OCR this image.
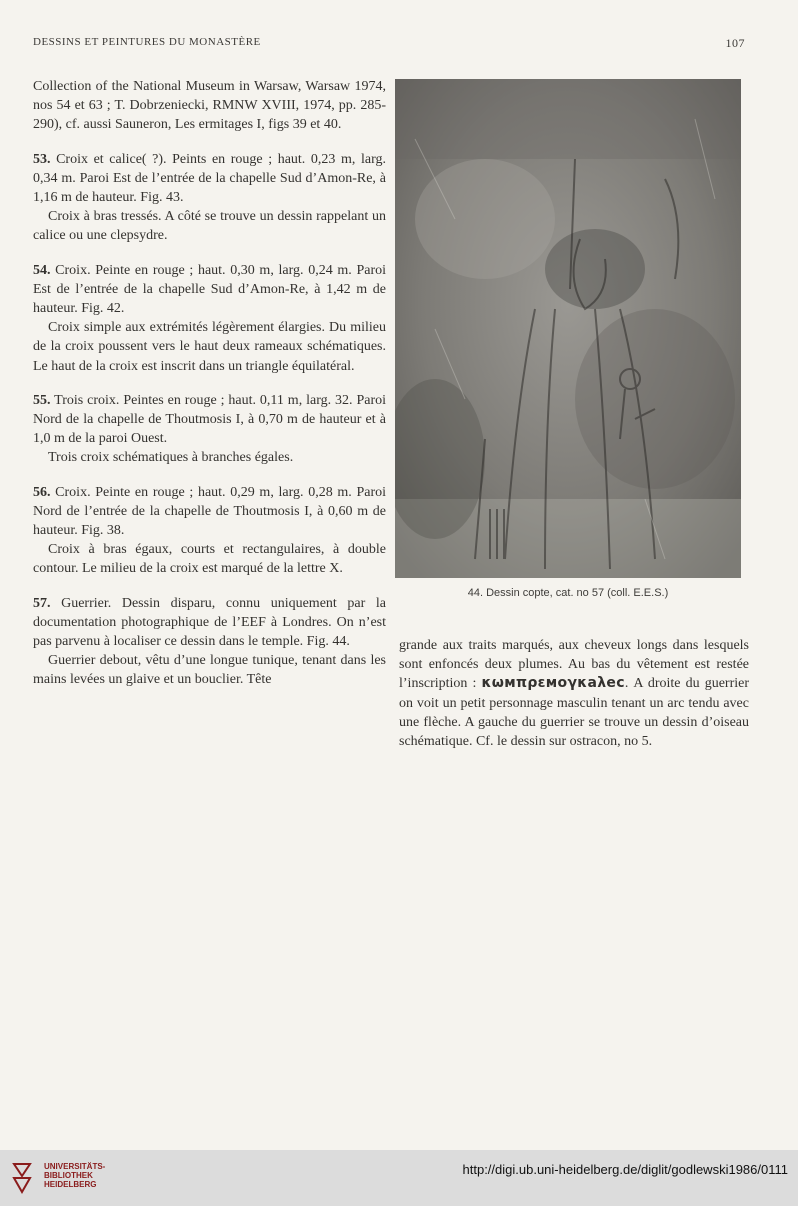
DESSINS ET PEINTURES DU MONASTÈRE	107

Collection of the National Museum in Warsaw, Warsaw 1974, nos 54 et 63 ; T. Dobrzeniecki, RMNW XVIII, 1974, pp. 285-290), cf. aussi Sauneron, Les ermitages I, figs 39 et 40.

53. Croix et calice( ?). Peints en rouge ; haut. 0,23 m, larg. 0,34 m. Paroi Est de l’entrée de la chapelle Sud d’Amon-Re, à 1,16 m de hauteur. Fig. 43.

Croix à bras tressés. A côté se trouve un dessin rappelant un calice ou une clepsydre.

54. Croix. Peinte en rouge ; haut. 0,30 m, larg. 0,24 m. Paroi Est de l’entrée de la chapelle Sud d’Amon-Re, à 1,42 m de hauteur. Fig. 42.

Croix simple aux extrémités légèrement élargies. Du milieu de la croix poussent vers le haut deux rameaux schématiques. Le haut de la croix est inscrit dans un triangle équilatéral.

55. Trois croix. Peintes en rouge ; haut. 0,11 m, larg. 32. Paroi Nord de la chapelle de Thoutmosis I, à 0,70 m de hauteur et à 1,0 m de la paroi Ouest.

Trois croix schématiques à branches égales.

56. Croix. Peinte en rouge ; haut. 0,29 m, larg. 0,28 m. Paroi Nord de l’entrée de la chapelle de Thoutmosis I, à 0,60 m de hauteur. Fig. 38.

Croix à bras égaux, courts et rectangulaires, à double contour. Le milieu de la croix est marqué de la lettre X.

57. Guerrier. Dessin disparu, connu uniquement par la documentation photographique de l’EEF à Londres. On n’est pas parvenu à localiser ce dessin dans le temple. Fig. 44.

Guerrier debout, vêtu d’une longue tunique, tenant dans les mains levées un glaive et un bouclier. Tête

44. Dessin copte, cat. no 57 (coll. E.E.S.)

grande aux traits marqués, aux cheveux longs dans lesquels sont enfoncés deux plumes. Au bas du vêtement est restée l’inscription : κωмπρεмоγκаλес. A droite du guerrier on voit un petit personnage masculin tenant un arc tendu avec une flèche. A gauche du guerrier se trouve un dessin d’oiseau schématique. Cf. le dessin sur ostracon, no 5.

UNIVERSITÄTS-
BIBLIOTHEK
HEIDELBERG
http://digi.ub.uni-heidelberg.de/diglit/godlewski1986/0111
